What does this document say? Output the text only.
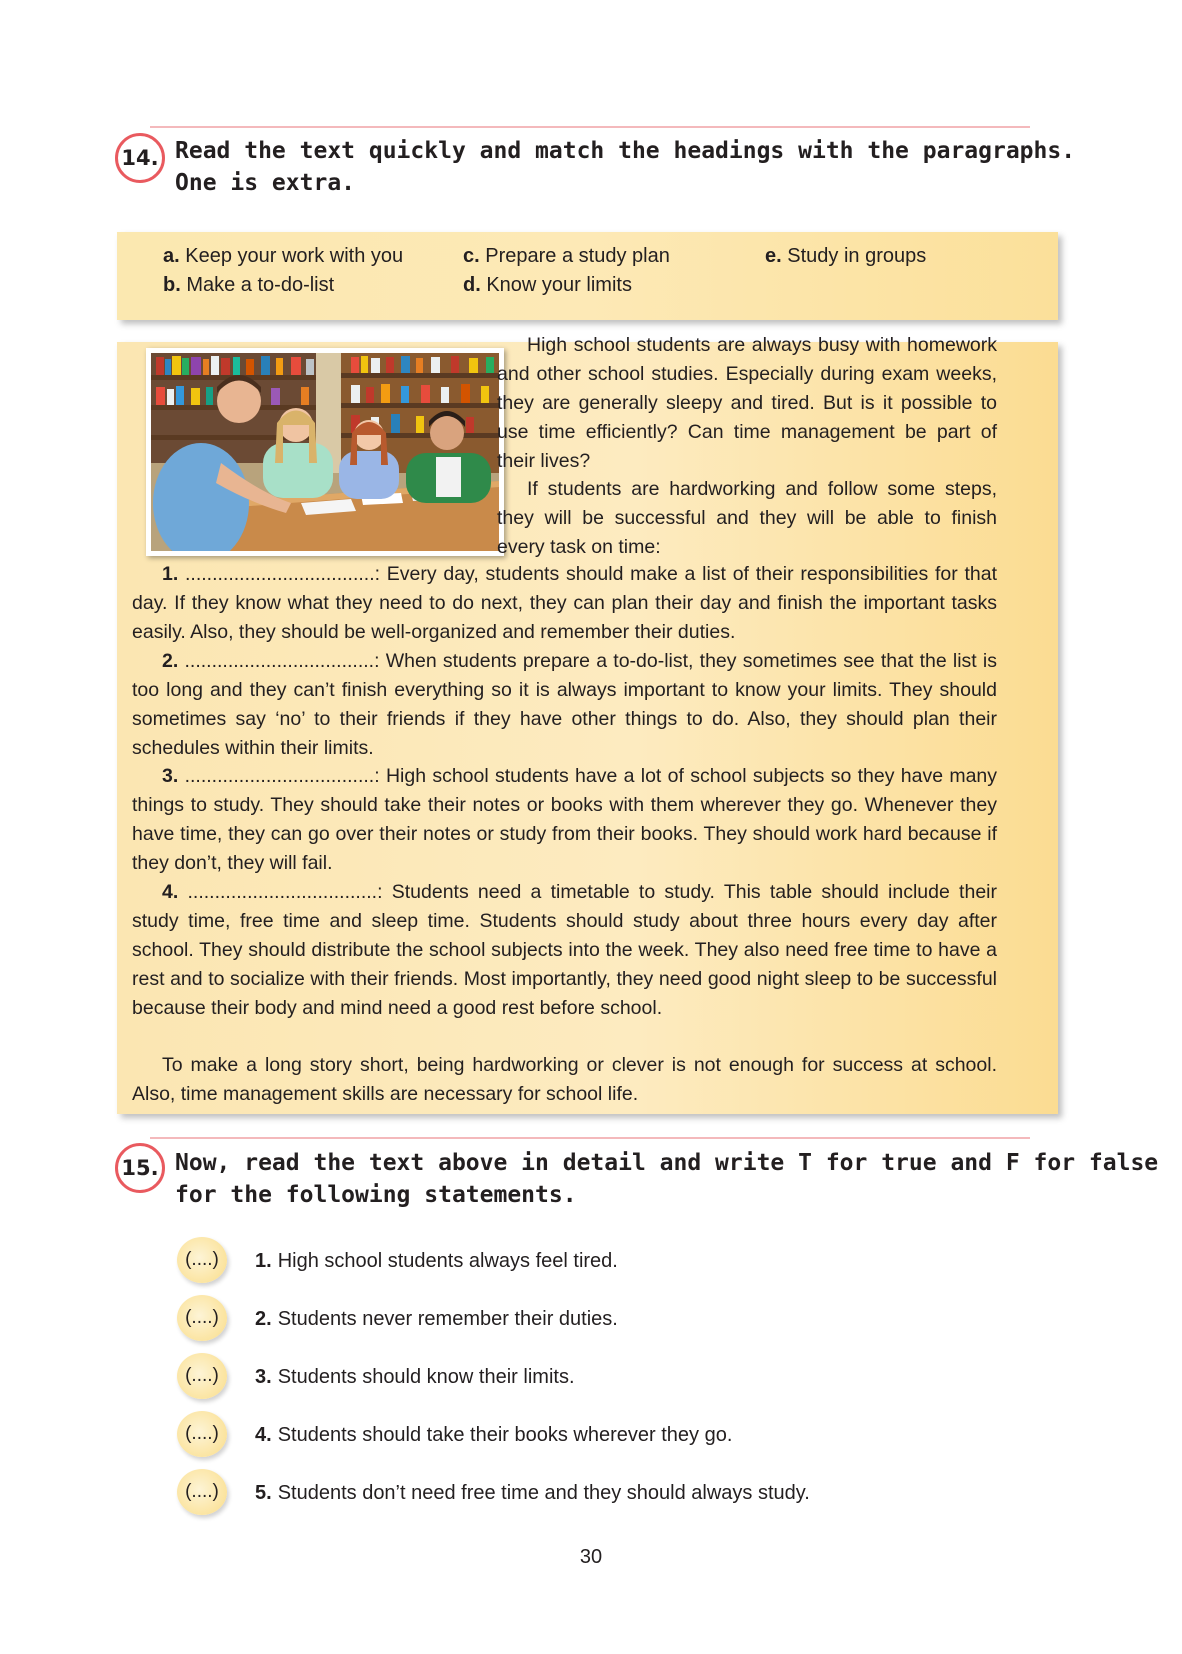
14. Read the text quickly and match the headings with the paragraphs.
One is extra.
a. Keep your work with you
b. Make a to-do-list
c. Prepare a study plan
d. Know your limits
e. Study in groups
High school students are always busy with homework and other school studies. Especially during exam weeks, they are generally sleepy and tired. But is it possible to use time efficiently? Can time management be part of their lives?
If students are hardworking and follow some steps, they will be successful and they will be able to finish every task on time:
1. ...................................: Every day, students should make a list of their responsibilities for that day. If they know what they need to do next, they can plan their day and finish the important tasks easily. Also, they should be well-organized and remember their duties.
2. ...................................: When students prepare a to-do-list, they sometimes see that the list is too long and they can’t finish everything so it is always important to know your limits. They should sometimes say ‘no’ to their friends if they have other things to do. Also, they should plan their schedules within their limits.
3. ...................................: High school students have a lot of school subjects so they have many things to study. They should take their notes or books with them wherever they go. Whenever they have time, they can go over their notes or study from their books. They should work hard because if they don’t, they will fail.
4. ...................................: Students need a timetable to study. This table should include their study time, free time and sleep time. Students should study about three hours every day after school. They should distribute the school subjects into the week. They also need free time to have a rest and to socialize with their friends. Most importantly, they need good night sleep to be successful because their body and mind need a good rest before school.
To make a long story short, being hardworking or clever is not enough for success at school. Also, time management skills are necessary for school life.
15. Now, read the text above in detail and write T for true and F for false
for the following statements.
(....)	1. High school students always feel tired.
(....)	2. Students never remember their duties.
(....)	3. Students should know their limits.
(....)	4. Students should take their books wherever they go.
(....)	5. Students don’t need free time and they should always study.
30
